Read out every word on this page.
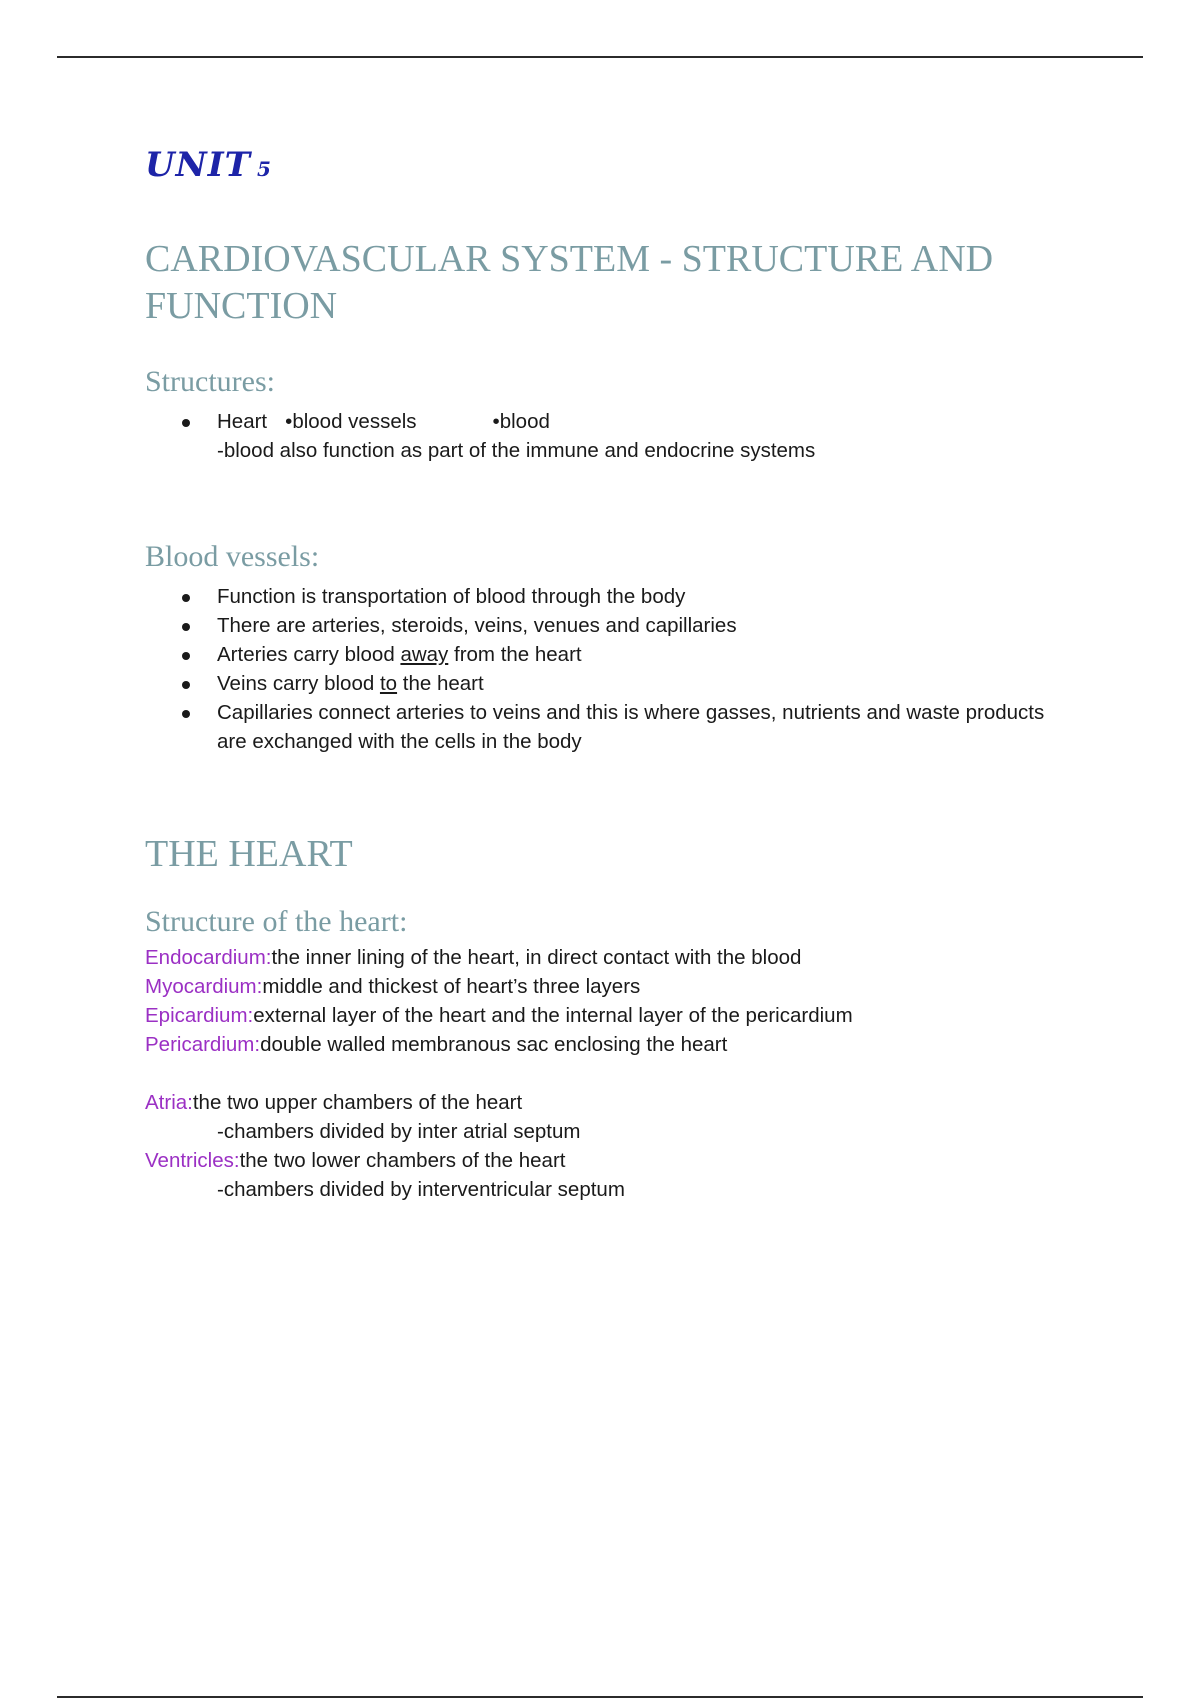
UNIT 5
CARDIOVASCULAR SYSTEM - STRUCTURE AND
FUNCTION
Structures:
Heart •blood vessels	•blood
-blood also function as part of the immune and endocrine systems
Blood vessels:
Function is transportation of blood through the body
There are arteries, steroids, veins, venues and capillaries
Arteries carry blood away from the heart
Veins carry blood to the heart
Capillaries connect arteries to veins and this is where gasses, nutrients and waste products are exchanged with the cells in the body
THE HEART
Structure of the heart:
Endocardium:the inner lining of the heart, in direct contact with the blood
Myocardium:middle and thickest of heart’s three layers
Epicardium:external layer of the heart and the internal layer of the pericardium
Pericardium:double walled membranous sac enclosing the heart
Atria:the two upper chambers of the heart
-chambers divided by inter atrial septum
Ventricles:the two lower chambers of the heart
-chambers divided by interventricular septum
